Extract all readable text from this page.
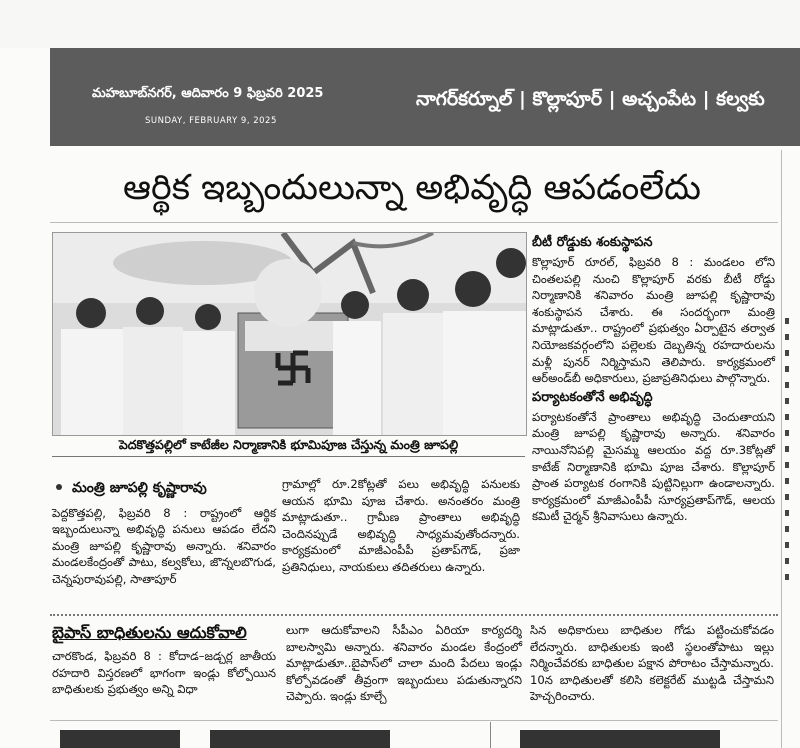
మహబూబ్‌నగర్, ఆదివారం 9 ఫిబ్రవరి 2025
SUNDAY, FEBRUARY 9, 2025
నాగర్‌కర్నూల్ | కొల్లాపూర్ | అచ్చంపేట | కల్వకు
ఆర్థిక ఇబ్బందులున్నా అభివృద్ధి ఆపడంలేదు
పెదకొత్తపల్లిలో కాటేజీల నిర్మాణానికి భూమిపూజ చేస్తున్న మంత్రి జూపల్లి
బీటీ రోడ్డుకు శంకుస్థాపన

కొల్లాపూర్ రూరల్, ఫిబ్రవరి 8 : మండలం లోని చింతలపల్లి నుంచి కొల్లాపూర్ వరకు బీటీ రోడ్డు నిర్మాణానికి శనివారం మంత్రి జూపల్లి కృష్ణారావు శంకుస్థాపన చేశారు. ఈ సందర్భంగా మంత్రి మాట్లాడుతూ.. రాష్ట్రంలో ప్రభుత్వం ఏర్పాటైన తర్వాత నియోజకవర్గంలోని పల్లెలకు దెబ్బతిన్న రహదారులను మళ్లీ పునర్ నిర్మిస్తామని తెలిపారు. కార్యక్రమంలో ఆర్‌అండ్‌బీ అధికారులు, ప్రజాప్రతినిధులు పాల్గొన్నారు.

పర్యాటకంతోనే అభివృద్ధి

పర్యాటకంతోనే ప్రాంతాలు అభివృద్ధి చెందుతాయని మంత్రి జూపల్లి కృష్ణారావు అన్నారు. శనివారం నాయినోనిపల్లి మైసమ్మ ఆలయం వద్ద రూ.3కోట్లతో కాటేజ్ నిర్మాణానికి భూమి పూజ చేశారు. కొల్లాపూర్ ప్రాంత పర్యాటక రంగానికి పుట్టినిల్లుగా ఉండాలన్నారు. కార్యక్రమంలో మాజీఎంపీపీ సూర్యప్రతాప్‌గౌడ్, ఆలయ కమిటీ చైర్మన్ శ్రీనివాసులు ఉన్నారు.

మంత్రి జూపల్లి కృష్ణారావు

పెద్దకొత్తపల్లి, ఫిబ్రవరి 8 : రాష్ట్రంలో ఆర్థిక ఇబ్బందులున్నా అభివృద్ధి పనులు ఆపడం లేదని మంత్రి జూపల్లి కృష్ణారావు అన్నారు. శనివారం మండలకేంద్రంతో పాటు, కల్వకోలు, జొన్నలబొగుడ, చెన్నపురావుపల్లి, సాతాపూర్

గ్రామాల్లో రూ.2కోట్లతో పలు అభివృద్ధి పనులకు ఆయన భూమి పూజ చేశారు. అనంతరం మంత్రి మాట్లాడుతూ.. గ్రామీణ ప్రాంతాలు అభివృద్ధి చెందినప్పుడే అభివృద్ధి సాధ్యమవుతోందన్నారు. కార్యక్రమంలో మాజీఎంపీపీ ప్రతాప్‌గౌడ్, ప్రజా ప్రతినిధులు, నాయకులు తదితరులు ఉన్నారు.

బైపాస్ బాధితులను ఆదుకోవాలి

చారకొండ, ఫిబ్రవరి 8 : కోదాడ–జడ్చర్ల జాతీయ రహదారి విస్తరణలో భాగంగా ఇండ్లు కోల్పోయిన బాధితులకు ప్రభుత్వం అన్ని విధా

లుగా ఆదుకోవాలని సీపీఎం ఏరియా కార్యదర్శి బాలస్వామి అన్నారు. శనివారం మండల కేంద్రంలో మాట్లాడుతూ..బైపాస్‌లో చాలా మంది పేదలు ఇండ్లు కోల్పోవడంతో తీవ్రంగా ఇబ్బందులు పడుతున్నారని చెప్పారు. ఇండ్లు కూల్చే

సిన అధికారులు బాధితుల గోడు పట్టించుకోవడం లేదన్నారు. బాధితులకు ఇంటి స్థలంతోపాటు ఇల్లు నిర్మించేవరకు బాధితుల పక్షాన పోరాటం చేస్తామన్నారు. 10న బాధితులతో కలిసి కలెక్టరేట్ ముట్టడి చేస్తామని హెచ్చరించారు.
